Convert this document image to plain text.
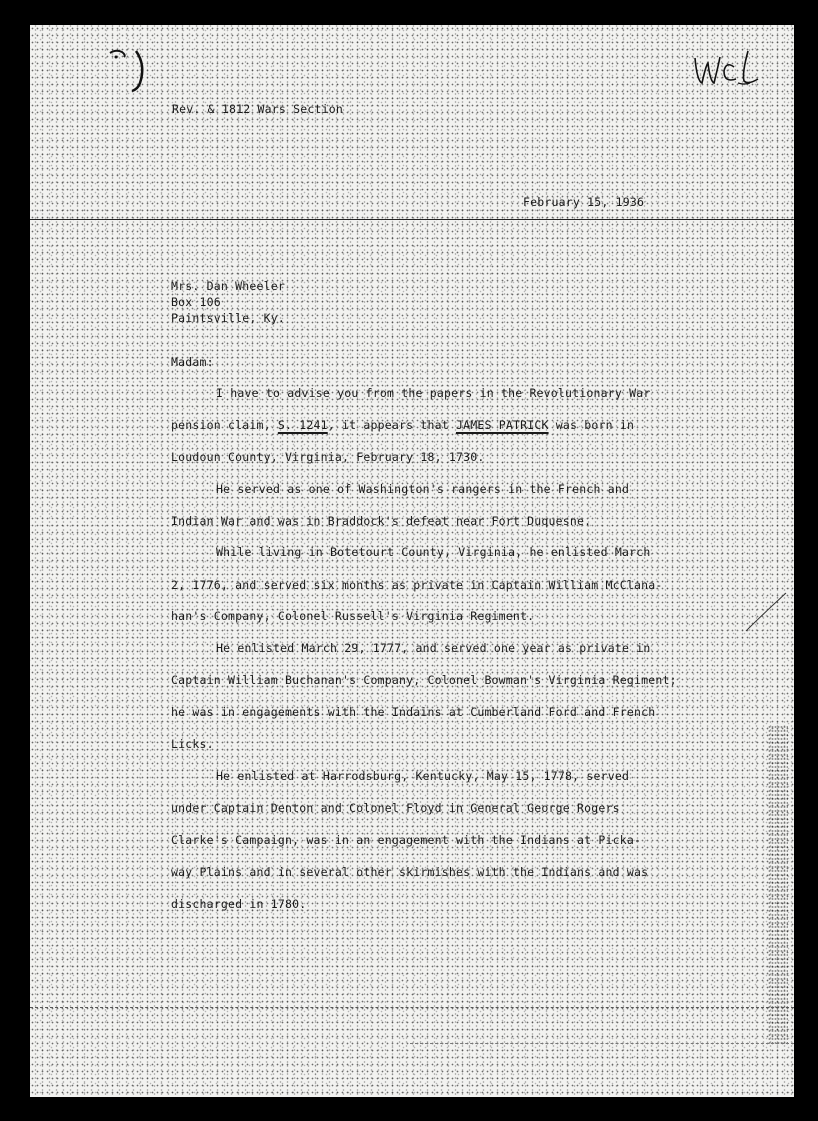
Rev. & 1812 Wars Section
February 15, 1936
Mrs. Dan Wheeler
Box 106
Paintsville, Ky.
Madam:
I have to advise you from the papers in the Revolutionary War
pension claim, S. 1241, it appears that JAMES PATRICK was born in
Loudoun County, Virginia, February 18, 1730.
He served as one of Washington's rangers in the French and
Indian War and was in Braddock's defeat near Fort Duquesne.
While living in Botetourt County, Virginia, he enlisted March
2, 1776, and served six months as private in Captain William McClana-
han's Company, Colonel Russell's Virginia Regiment.
He enlisted March 29, 1777, and served one year as private in
Captain William Buchanan's Company, Colonel Bowman's Virginia Regiment;
he was in engagements with the Indains at Cumberland Ford and French
Licks.
He enlisted at Harrodsburg, Kentucky, May 15, 1778, served
under Captain Denton and Colonel Floyd in General George Rogers
Clarke's Campaign, was in an engagement with the Indians at Picka-
way Plains and in several other skirmishes with the Indians and was
discharged in 1780.
